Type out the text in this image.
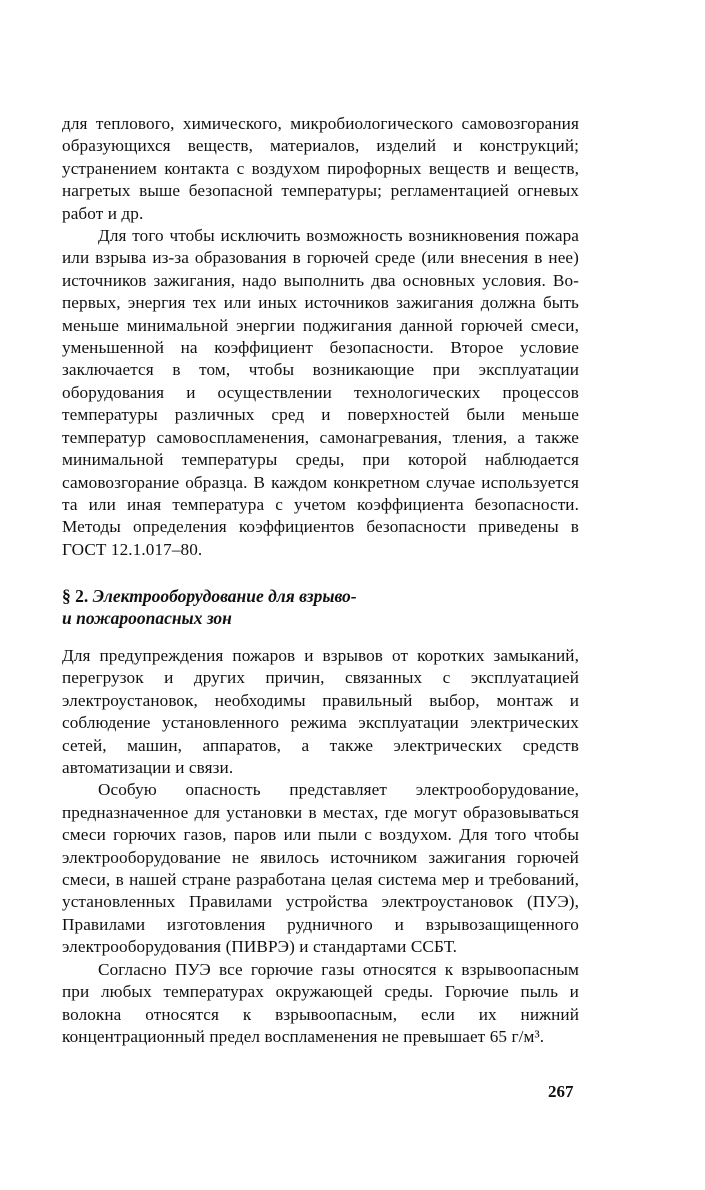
для теплового, химического, микробиологического самовозгорания образующихся веществ, материалов, изделий и конструкций; устранением контакта с воздухом пирофорных веществ и веществ, нагретых выше безопасной температуры; регламентацией огневых работ и др.

Для того чтобы исключить возможность возникновения пожара или взрыва из-за образования в горючей среде (или внесения в нее) источников зажигания, надо выполнить два основных условия. Во-первых, энергия тех или иных источников зажигания должна быть меньше минимальной энергии поджигания данной горючей смеси, уменьшенной на коэффициент безопасности. Второе условие заключается в том, чтобы возникающие при эксплуатации оборудования и осуществлении технологических процессов температуры различных сред и поверхностей были меньше температур самовоспламенения, самонагревания, тления, а также минимальной температуры среды, при которой наблюдается самовозгорание образца. В каждом конкретном случае используется та или иная температура с учетом коэффициента безопасности. Методы определения коэффициентов безопасности приведены в ГОСТ 12.1.017–80.

§ 2. Электрооборудование для взрыво-
и пожароопасных зон

Для предупреждения пожаров и взрывов от коротких замыканий, перегрузок и других причин, связанных с эксплуатацией электроустановок, необходимы правильный выбор, монтаж и соблюдение установленного режима эксплуатации электрических сетей, машин, аппаратов, а также электрических средств автоматизации и связи.

Особую опасность представляет электрооборудование, предназначенное для установки в местах, где могут образовываться смеси горючих газов, паров или пыли с воздухом. Для того чтобы электрооборудование не явилось источником зажигания горючей смеси, в нашей стране разработана целая система мер и требований, установленных Правилами устройства электроустановок (ПУЭ), Правилами изготовления рудничного и взрывозащищенного электрооборудования (ПИВРЭ) и стандартами ССБТ.

Согласно ПУЭ все горючие газы относятся к взрывоопасным при любых температурах окружающей среды. Горючие пыль и волокна относятся к взрывоопасным, если их нижний концентрационный предел воспламенения не превышает 65 г/м³.

267
